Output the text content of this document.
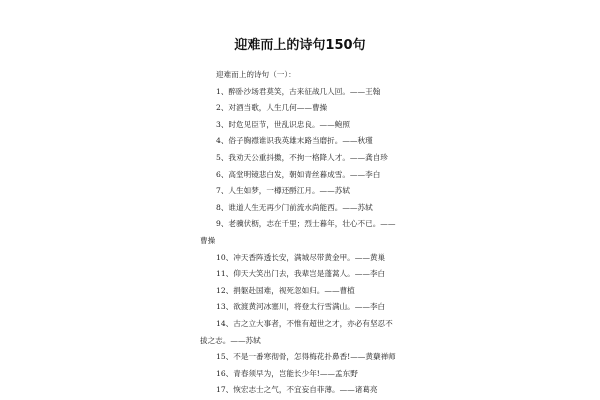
迎难而上的诗句150句
迎难而上的诗句（一）：
1、醉卧沙场君莫笑，古来征战几人回。——王翰
2、对酒当歌，人生几何——曹操
3、时危见臣节，世乱识忠良。——鲍照
4、俗子胸襟谁识我英雄末路当磨折。——秋瑾
5、我劝天公重抖擞，不拘一格降人才。——龚自珍
6、高堂明镜悲白发，朝如青丝暮成雪。——李白
7、人生如梦，一樽还酹江月。——苏轼
8、谁道人生无再少门前流水尚能西。——苏轼
9、老骥伏枥，志在千里；烈士暮年，壮心不已。——
曹操
10、冲天香阵透长安，满城尽带黄金甲。——黄巢
11、仰天大笑出门去，我辈岂是蓬蒿人。——李白
12、捐躯赴国难，视死忽如归。——曹植
13、欲渡黄河冰塞川，将登太行雪满山。——李白
14、古之立大事者，不惟有超世之才，亦必有坚忍不
拔之志。——苏轼
15、不是一番寒彻骨，怎得梅花扑鼻香!——黄蘖禅师
16、青春须早为，岂能长少年!——孟东野
17、恢宏志士之气，不宜妄自菲薄。——诸葛亮
